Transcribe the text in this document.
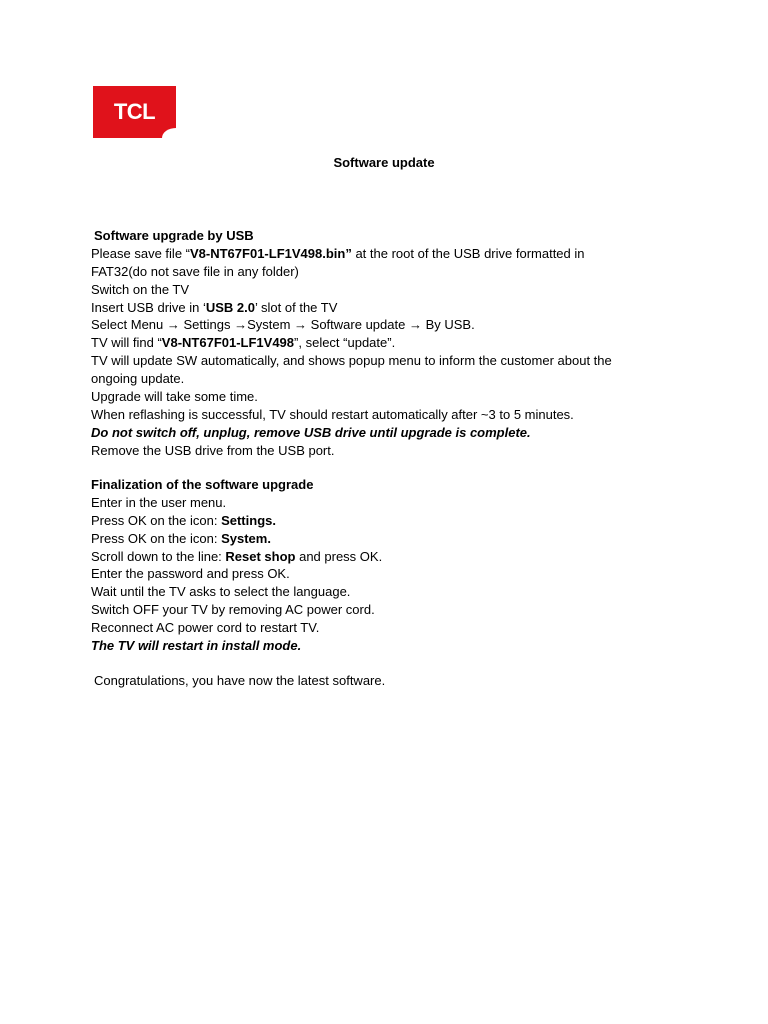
TCL
Software update
Software upgrade by USB
Please save file “V8-NT67F01-LF1V498.bin” at the root of the USB drive formatted in
FAT32(do not save file in any folder)
Switch on the TV
Insert USB drive in ‘USB 2.0’ slot of the TV
Select Menu → Settings →System → Software update → By USB.
TV will find “V8-NT67F01-LF1V498”, select “update”.
TV will update SW automatically, and shows popup menu to inform the customer about the
ongoing update.
Upgrade will take some time.
When reflashing is successful, TV should restart automatically after ~3 to 5 minutes.
Do not switch off, unplug, remove USB drive until upgrade is complete.
Remove the USB drive from the USB port.
Finalization of the software upgrade
Enter in the user menu.
Press OK on the icon: Settings.
Press OK on the icon: System.
Scroll down to the line: Reset shop and press OK.
Enter the password and press OK.
Wait until the TV asks to select the language.
Switch OFF your TV by removing AC power cord.
Reconnect AC power cord to restart TV.
The TV will restart in install mode.
Congratulations, you have now the latest software.
